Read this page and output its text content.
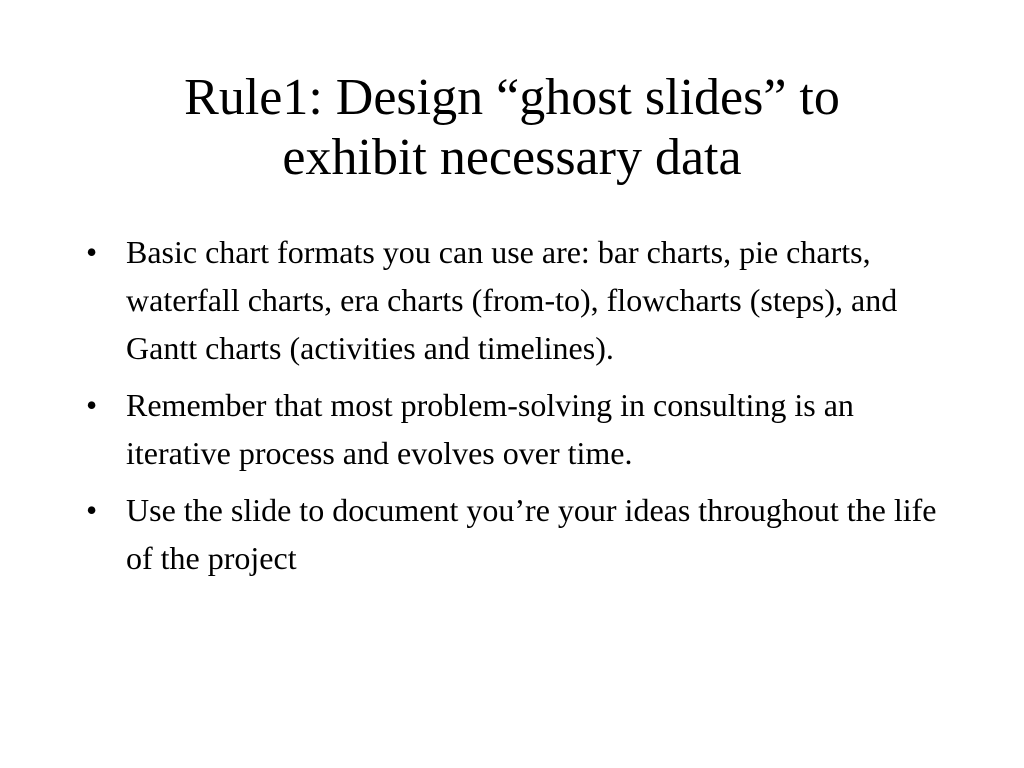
Rule1: Design “ghost slides” to
exhibit necessary data
• Basic chart formats you can use are: bar charts, pie charts, waterfall charts, era charts (from-to), flowcharts (steps), and Gantt charts (activities and timelines).
• Remember that most problem-solving in consulting is an iterative process and evolves over time.
• Use the slide to document you’re your ideas throughout the life of the project
